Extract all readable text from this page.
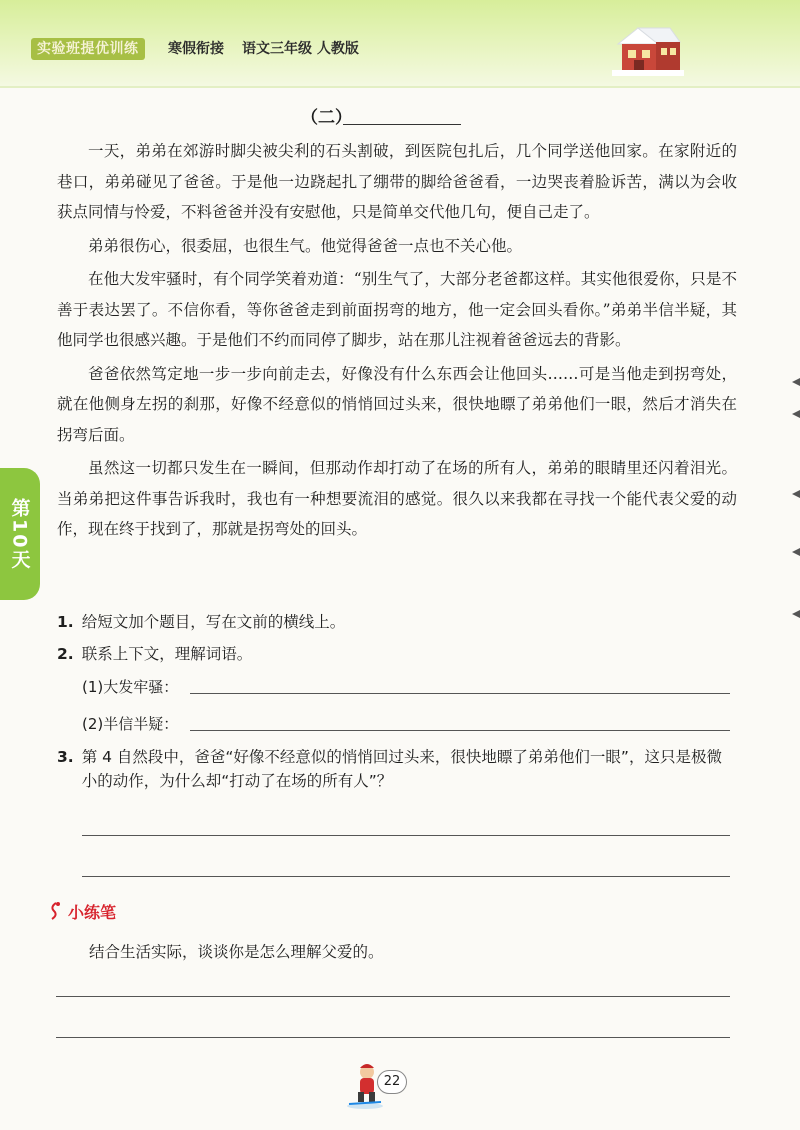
实验班提优训练	寒假衔接 语文三年级 人教版
第10天
（二）

一天，弟弟在郊游时脚尖被尖利的石头割破，到医院包扎后，几个同学送他回家。在家附近的巷口，弟弟碰见了爸爸。于是他一边跷起扎了绷带的脚给爸爸看，一边哭丧着脸诉苦，满以为会收获点同情与怜爱，不料爸爸并没有安慰他，只是简单交代他几句，便自己走了。

弟弟很伤心，很委屈，也很生气。他觉得爸爸一点也不关心他。

在他大发牢骚时，有个同学笑着劝道：“别生气了，大部分老爸都这样。其实他很爱你，只是不善于表达罢了。不信你看，等你爸爸走到前面拐弯的地方，他一定会回头看你。”弟弟半信半疑，其他同学也很感兴趣。于是他们不约而同停了脚步，站在那儿注视着爸爸远去的背影。

爸爸依然笃定地一步一步向前走去，好像没有什么东西会让他回头……可是当他走到拐弯处，就在他侧身左拐的刹那，好像不经意似的悄悄回过头来，很快地瞟了弟弟他们一眼，然后才消失在拐弯后面。

虽然这一切都只发生在一瞬间，但那动作却打动了在场的所有人，弟弟的眼睛里还闪着泪光。当弟弟把这件事告诉我时，我也有一种想要流泪的感觉。很久以来我都在寻找一个能代表父爱的动作，现在终于找到了，那就是拐弯处的回头。

1. 给短文加个题目，写在文前的横线上。
2. 联系上下文，理解词语。
(1)大发牢骚：
(2)半信半疑：
3. 第 4 自然段中，爸爸“好像不经意似的悄悄回过头来，很快地瞟了弟弟他们一眼”，这只是极微小的动作，为什么却“打动了在场的所有人”？
小练笔
结合生活实际，谈谈你是怎么理解父爱的。
22
